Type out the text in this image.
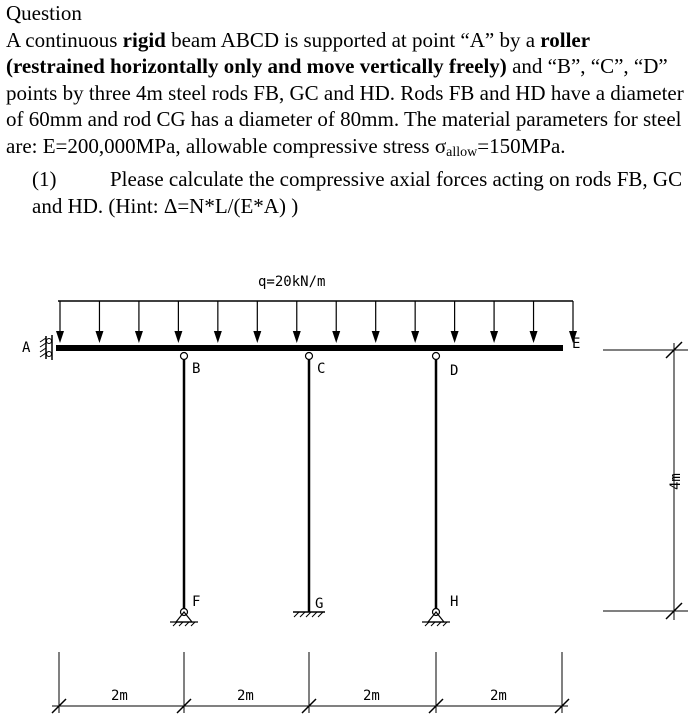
Question

A continuous rigid beam ABCD is supported at point “A” by a roller (restrained horizontally only and move vertically freely) and “B”, “C”, “D” points by three 4m steel rods FB, GC and HD. Rods FB and HD have a diameter of 60mm and rod CG has a diameter of 80mm. The material parameters for steel are: E=200,000MPa, allowable compressive stress $\sigma_{allow}=150MPa$.

(1)	Please calculate the compressive axial forces acting on rods FB, GC and HD. (Hint: Δ=N*L/(E*A) )

q=20kN/m
A	E
B	C	D
F	G	H
4m
2m	2m	2m	2m
